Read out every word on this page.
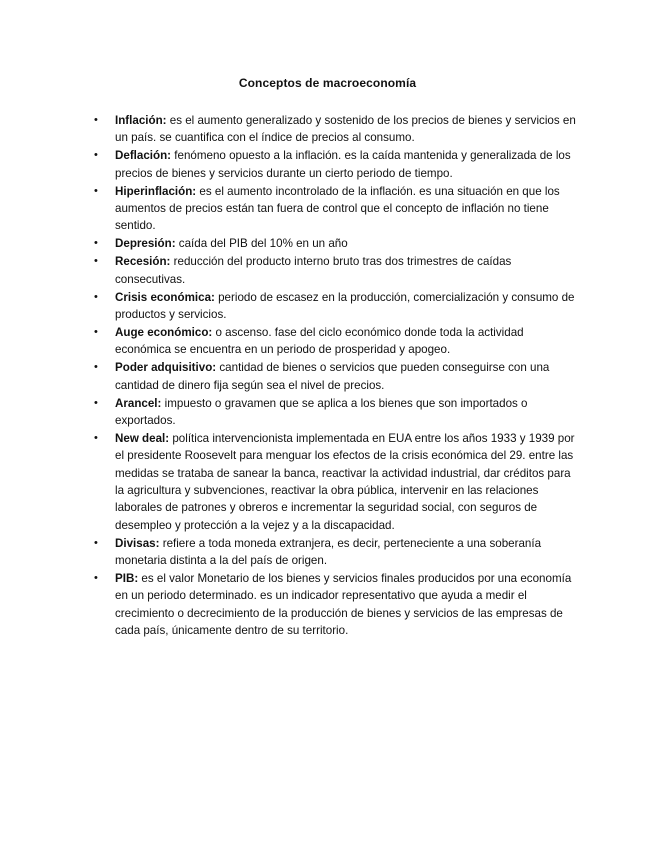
Conceptos de macroeconomía
• Inflación: es el aumento generalizado y sostenido de los precios de bienes y servicios en un país. se cuantifica con el índice de precios al consumo.
• Deflación: fenómeno opuesto a la inflación. es la caída mantenida y generalizada de los precios de bienes y servicios durante un cierto periodo de tiempo.
• Hiperinflación: es el aumento incontrolado de la inflación. es una situación en que los aumentos de precios están tan fuera de control que el concepto de inflación no tiene sentido.
• Depresión: caída del PIB del 10% en un año
• Recesión: reducción del producto interno bruto tras dos trimestres de caídas consecutivas.
• Crisis económica: periodo de escasez en la producción, comercialización y consumo de productos y servicios.
• Auge económico: o ascenso. fase del ciclo económico donde toda la actividad económica se encuentra en un periodo de prosperidad y apogeo.
• Poder adquisitivo: cantidad de bienes o servicios que pueden conseguirse con una cantidad de dinero fija según sea el nivel de precios.
• Arancel: impuesto o gravamen que se aplica a los bienes que son importados o exportados.
• New deal: política intervencionista implementada en EUA entre los años 1933 y 1939 por el presidente Roosevelt para menguar los efectos de la crisis económica del 29. entre las medidas se trataba de sanear la banca, reactivar la actividad industrial, dar créditos para la agricultura y subvenciones, reactivar la obra pública, intervenir en las relaciones laborales de patrones y obreros e incrementar la seguridad social, con seguros de desempleo y protección a la vejez y a la discapacidad.
• Divisas: refiere a toda moneda extranjera, es decir, perteneciente a una soberanía monetaria distinta a la del país de origen.
• PIB: es el valor Monetario de los bienes y servicios finales producidos por una economía en un periodo determinado. es un indicador representativo que ayuda a medir el crecimiento o decrecimiento de la producción de bienes y servicios de las empresas de cada país, únicamente dentro de su territorio.
